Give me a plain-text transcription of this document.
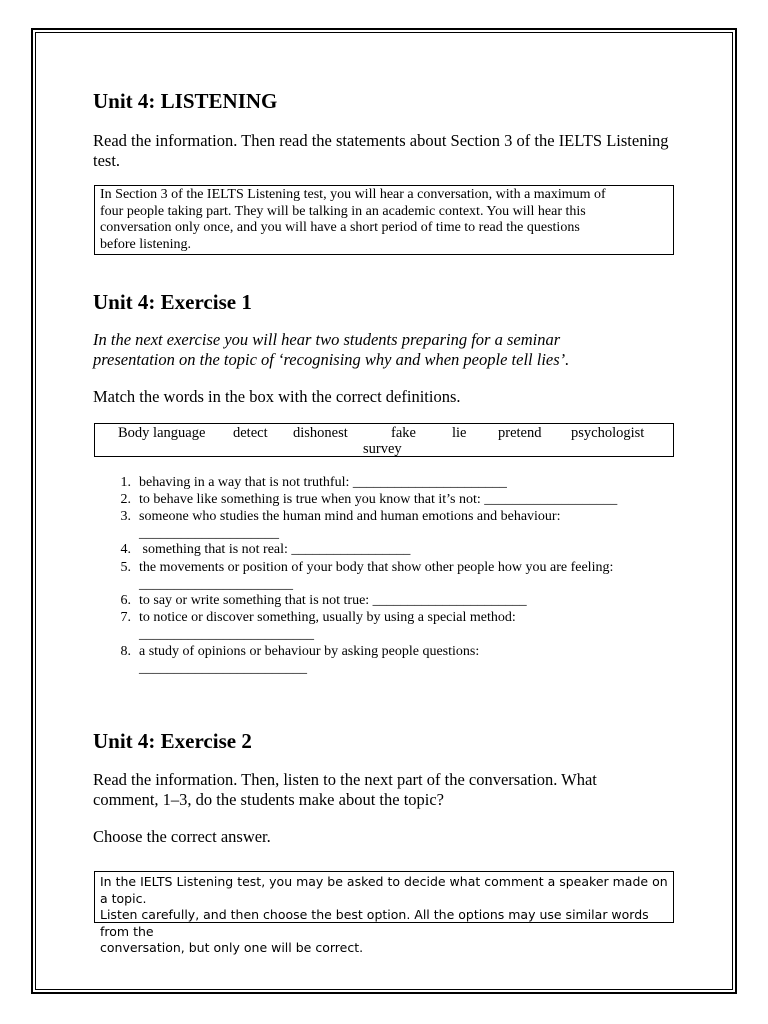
Unit 4: LISTENING
Read the information. Then read the statements about Section 3 of the IELTS Listening test.
In Section 3 of the IELTS Listening test, you will hear a conversation, with a maximum of
four people taking part. They will be talking in an academic context. You will hear this
conversation only once, and you will have a short period of time to read the questions
before listening.
Unit 4: Exercise 1
In the next exercise you will hear two students preparing for a seminar
presentation on the topic of ‘recognising why and when people tell lies’.
Match the words in the box with the correct definitions.
Body language detect dishonest	fake lie pretend psychologist
survey
1. behaving in a way that is not truthful: ______________________
2. to behave like something is true when you know that it’s not: ___________________
3. someone who studies the human mind and human emotions and behaviour:
____________________
4. something that is not real: _________________
5. the movements or position of your body that show other people how you are feeling:
______________________
6. to say or write something that is not true: ______________________
7. to notice or discover something, usually by using a special method:
_________________________
8. a study of opinions or behaviour by asking people questions:
________________________
Unit 4: Exercise 2
Read the information. Then, listen to the next part of the conversation. What
comment, 1–3, do the students make about the topic?
Choose the correct answer.
In the IELTS Listening test, you may be asked to decide what comment a speaker made on a topic.
Listen carefully, and then choose the best option. All the options may use similar words from the
conversation, but only one will be correct.
